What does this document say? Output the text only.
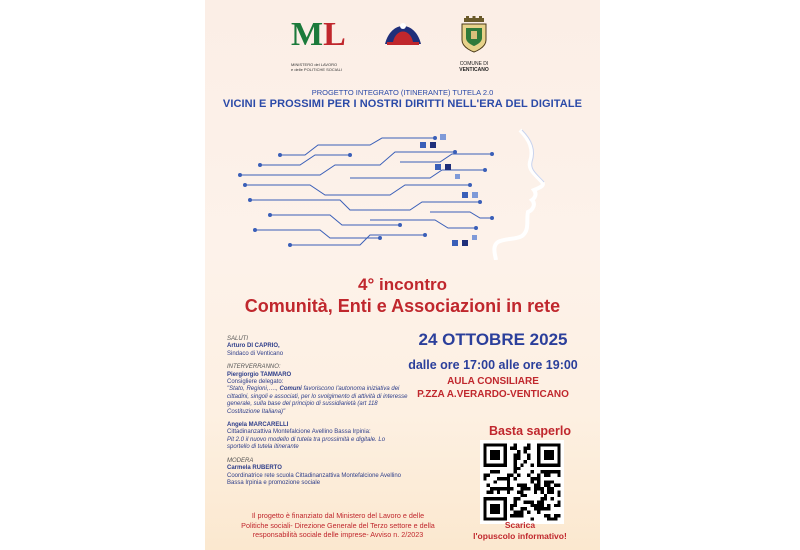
ML
MINISTERO del LAVORO
e delle POLITICHE SOCIALI
COMUNE DI
VENTICANO
PROGETTO INTEGRATO (ITINERANTE) TUTELA 2.0
VICINI E PROSSIMI PER I NOSTRI DIRITTI NELL'ERA DEL DIGITALE
4° incontro
Comunità, Enti e Associazioni in rete
SALUTI
Arturo DI CAPRIO,
Sindaco di Venticano
INTERVERRANNO:
Piergiorgio TAMMARO
Consigliere delegato:
"Stato, Regioni,…., Comuni favoriscono l'autonoma iniziativa dei cittadini, singoli e associati, per lo svolgimento di attività di interesse generale, sulla base del principio di sussidiarietà (art 118 Costituzione Italiana)"
Angela MARCARELLI
Cittadinanzattiva Montefalcione Avellino Bassa Irpinia:
Pit 2.0 il nuovo modello di tutela tra prossimità e digitale. Lo sportello di tutela itinerante
MODERA
Carmela RUBERTO
Coordinatrice rete scuola Cittadinanzattiva Montefalcione Avellino Bassa Irpinia e promozione sociale
24 OTTOBRE 2025
dalle ore 17:00 alle ore 19:00
AULA CONSILIARE
P.ZZA A.VERARDO-VENTICANO
Basta saperlo
Scarica
l'opuscolo informativo!
Il progetto è finanziato dal Ministero del Lavoro e delle
Politiche sociali- Direzione Generale del Terzo settore e della
responsabilità sociale delle imprese- Avviso n. 2/2023
